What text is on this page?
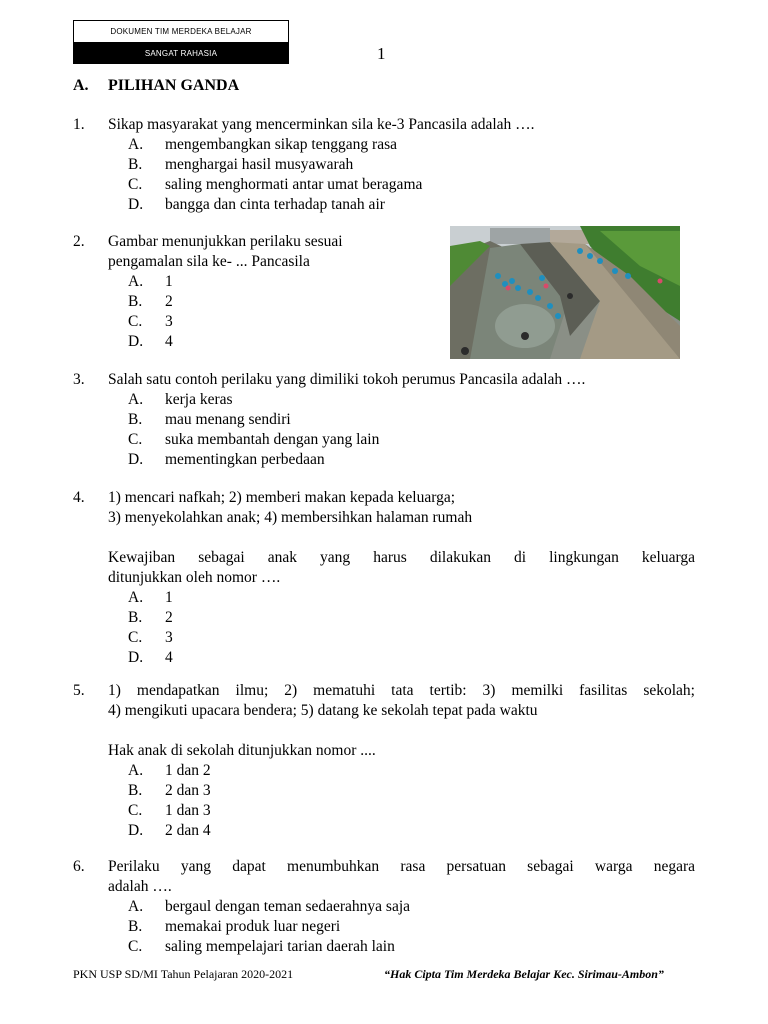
DOKUMEN TIM MERDEKA BELAJAR
SANGAT RAHASIA	1
A. PILIHAN GANDA
1. Sikap masyarakat yang mencerminkan sila ke-3 Pancasila adalah ….
A. mengembangkan sikap tenggang rasa
B. menghargai hasil musyawarah
C. saling menghormati antar umat beragama
D. bangga dan cinta terhadap tanah air
2. Gambar menunjukkan perilaku sesuai
pengamalan sila ke- ... Pancasila
A. 1
B. 2
C. 3
D. 4
3. Salah satu contoh perilaku yang dimiliki tokoh perumus Pancasila adalah ….
A. kerja keras
B. mau menang sendiri
C. suka membantah dengan yang lain
D. mementingkan perbedaan
4. 1) mencari nafkah; 2) memberi makan kepada keluarga;
3) menyekolahkan anak; 4) membersihkan halaman rumah
Kewajiban sebagai anak yang harus dilakukan di lingkungan keluarga
ditunjukkan oleh nomor ….
A. 1
B. 2
C. 3
D. 4
5. 1) mendapatkan ilmu; 2) mematuhi tata tertib: 3) memilki fasilitas sekolah;
4) mengikuti upacara bendera; 5) datang ke sekolah tepat pada waktu
Hak anak di sekolah ditunjukkan nomor ....
A. 1 dan 2
B. 2 dan 3
C. 1 dan 3
D. 2 dan 4
6. Perilaku yang dapat menumbuhkan rasa persatuan sebagai warga negara
adalah ….
A. bergaul dengan teman sedaerahnya saja
B. memakai produk luar negeri
C. saling mempelajari tarian daerah lain
PKN USP SD/MI Tahun Pelajaran 2020-2021	“Hak Cipta Tim Merdeka Belajar Kec. Sirimau-Ambon”
